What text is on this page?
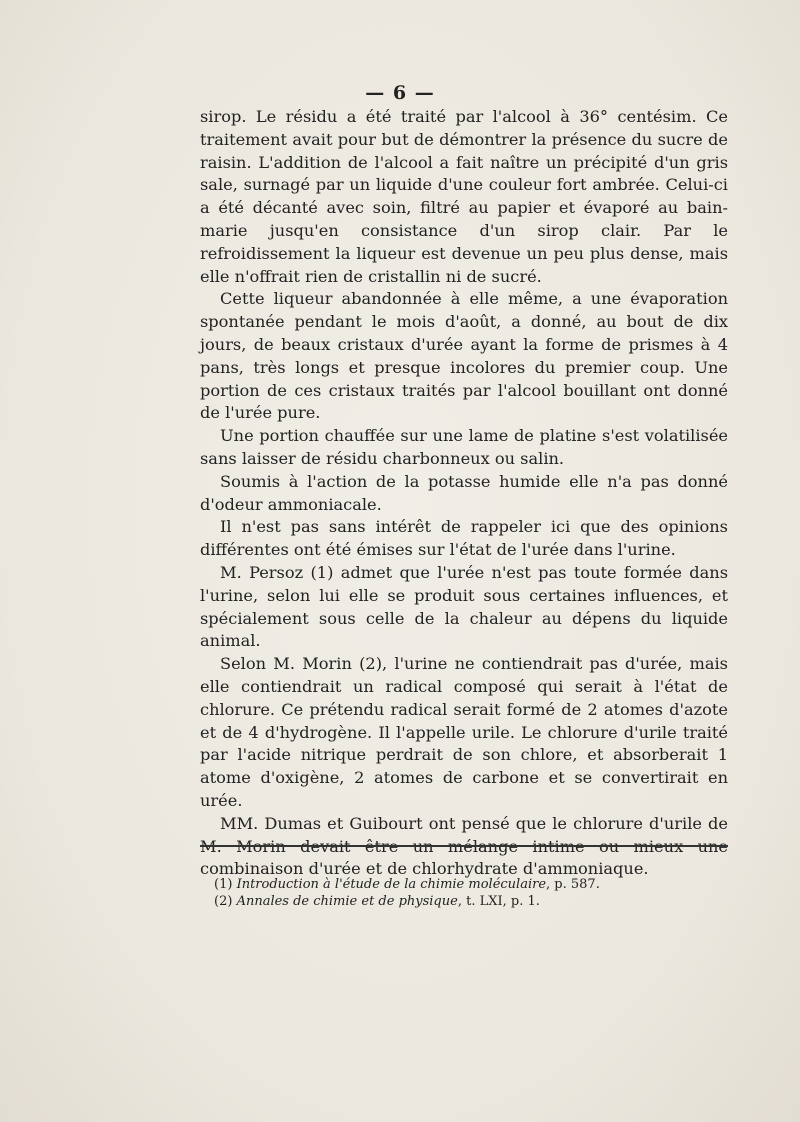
— 6 —

sirop. Le résidu a été traité par l'alcool à 36° centésim. Ce traitement avait pour but de démontrer la présence du sucre de raisin. L'addition de l'alcool a fait naître un précipité d'un gris sale, surnagé par un liquide d'une couleur fort ambrée. Celui-ci a été décanté avec soin, filtré au papier et évaporé au bain-marie jusqu'en consistance d'un sirop clair. Par le refroidissement la liqueur est devenue un peu plus dense, mais elle n'offrait rien de cristallin ni de sucré.

Cette liqueur abandonnée à elle même, a une évaporation spontanée pendant le mois d'août, a donné, au bout de dix jours, de beaux cristaux d'urée ayant la forme de prismes à 4 pans, très longs et presque incolores du premier coup. Une portion de ces cristaux traités par l'alcool bouillant ont donné de l'urée pure.

Une portion chauffée sur une lame de platine s'est volatilisée sans laisser de résidu charbonneux ou salin.

Soumis à l'action de la potasse humide elle n'a pas donné d'odeur ammoniacale.

Il n'est pas sans intérêt de rappeler ici que des opinions différentes ont été émises sur l'état de l'urée dans l'urine.

M. Persoz (1) admet que l'urée n'est pas toute formée dans l'urine, selon lui elle se produit sous certaines influences, et spécialement sous celle de la chaleur au dépens du liquide animal.

Selon M. Morin (2), l'urine ne contiendrait pas d'urée, mais elle contiendrait un radical composé qui serait à l'état de chlorure. Ce prétendu radical serait formé de 2 atomes d'azote et de 4 d'hydrogène. Il l'appelle urile. Le chlorure d'urile traité par l'acide nitrique perdrait de son chlore, et absorberait 1 atome d'oxigène, 2 atomes de carbone et se convertirait en urée.

MM. Dumas et Guibourt ont pensé que le chlorure d'urile de M. Morin devait être un mélange intime ou mieux une combinaison d'urée et de chlorhydrate d'ammoniaque.

(1) Introduction à l'étude de la chimie moléculaire, p. 587.
(2) Annales de chimie et de physique, t. LXI, p. 1.
